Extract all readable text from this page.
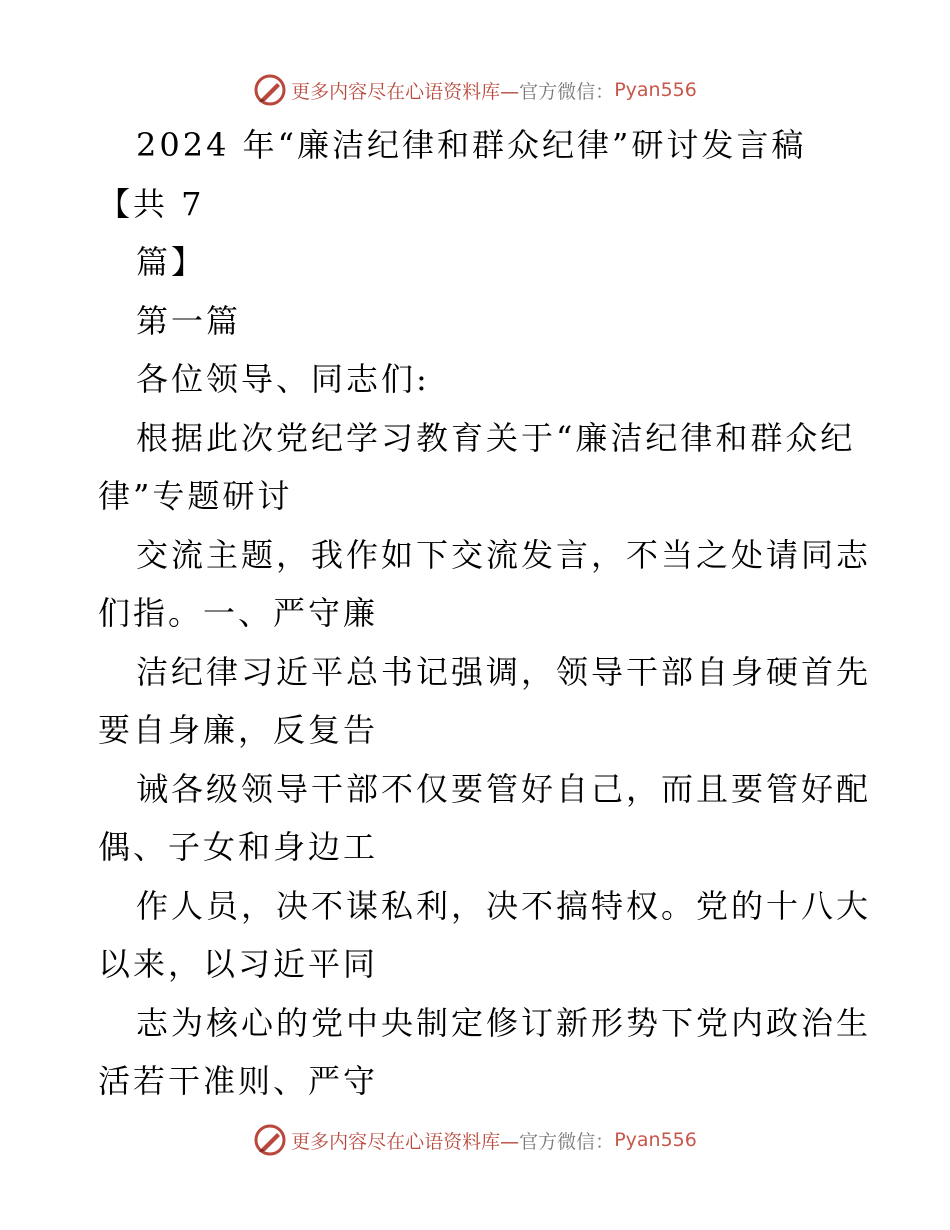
更多内容尽在心语资料库— 官方微信： Pyan556
2024 年“廉洁纪律和群众纪律”研讨发言稿
【共 7
篇】
第一篇
各位领导、同志们:
根据此次党纪学习教育关于“廉洁纪律和群众纪
律”专题研讨
交流主题，我作如下交流发言，不当之处请同志
们指。一、严守廉
洁纪律习近平总书记强调，领导干部自身硬首先
要自身廉，反复告
诫各级领导干部不仅要管好自己，而且要管好配
偶、子女和身边工
作人员，决不谋私利，决不搞特权。党的十八大
以来，以习近平同
志为核心的党中央制定修订新形势下党内政治生
活若干准则、严守
更多内容尽在心语资料库— 官方微信： Pyan556
